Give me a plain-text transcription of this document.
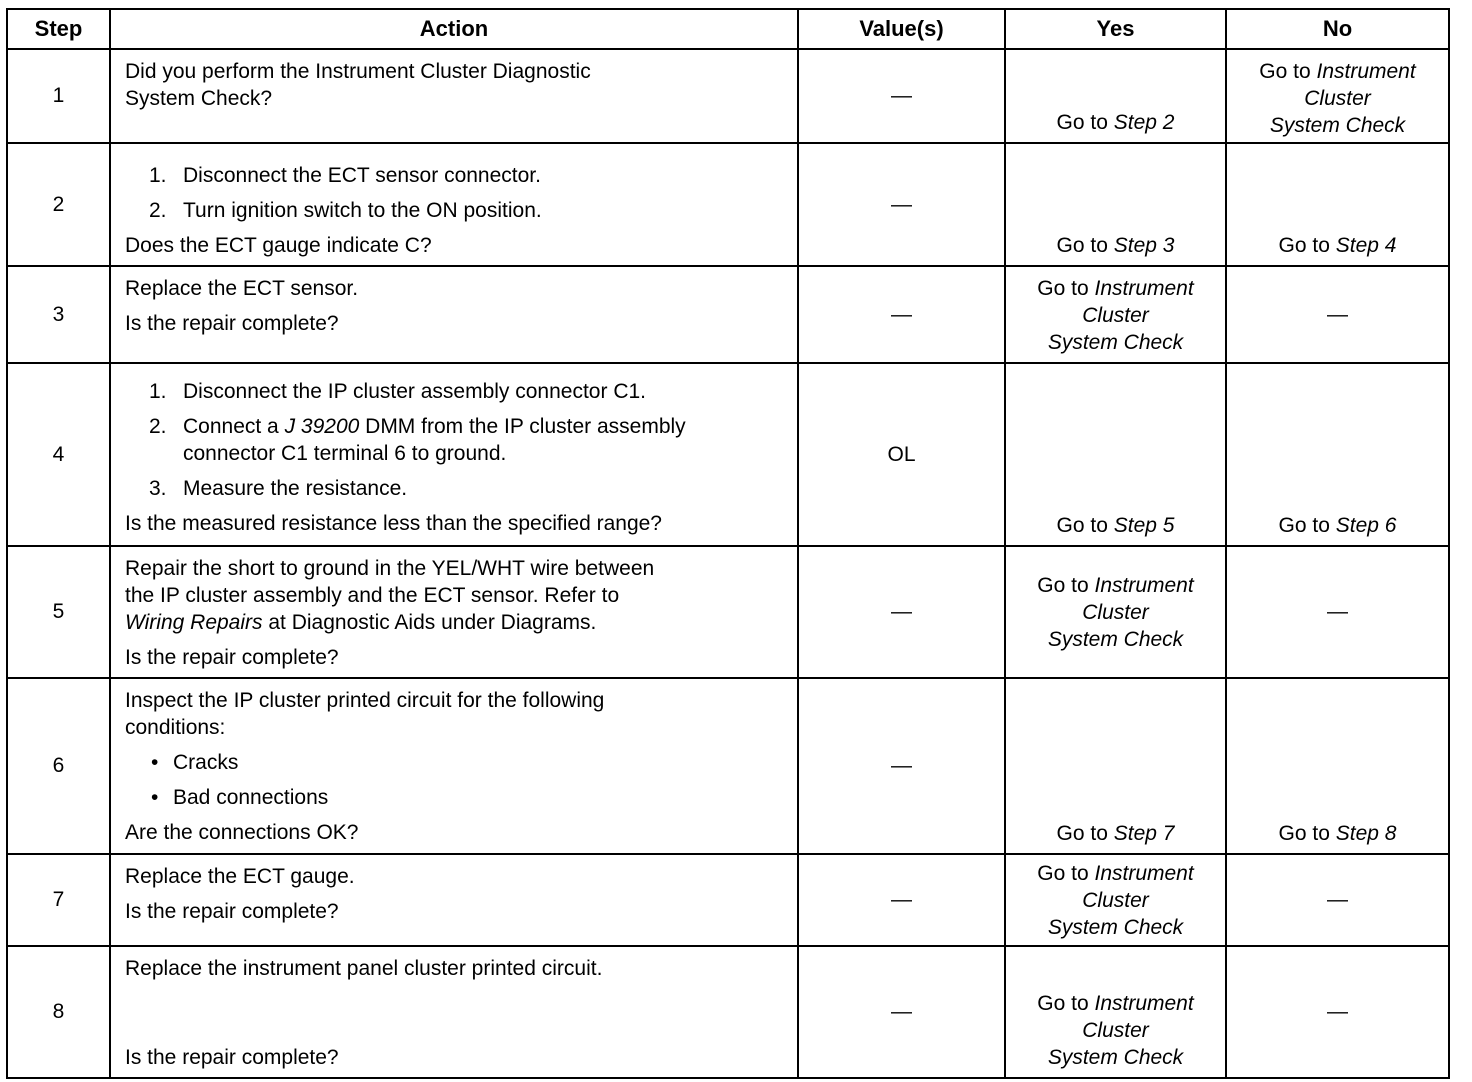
Step	Action	Value(s)	Yes	No
1	Did you perform the Instrument Cluster Diagnostic
System Check?	—	Go to Step 2	Go to Instrument
Cluster
System Check
2	1. Disconnect the ECT sensor connector.
2. Turn ignition switch to the ON position.
Does the ECT gauge indicate C?	—	Go to Step 3	Go to Step 4
3	Replace the ECT sensor.
Is the repair complete?	—	Go to Instrument
Cluster
System Check	—
4	1. Disconnect the IP cluster assembly connector C1.
2. Connect a J 39200 DMM from the IP cluster assembly connector C1 terminal 6 to ground.
3. Measure the resistance.
Is the measured resistance less than the specified range?	OL	Go to Step 5	Go to Step 6
5	Repair the short to ground in the YEL/WHT wire between
the IP cluster assembly and the ECT sensor. Refer to
Wiring Repairs at Diagnostic Aids under Diagrams.
Is the repair complete?	—	Go to Instrument
Cluster
System Check	—
6	Inspect the IP cluster printed circuit for the following
conditions:
• Cracks
• Bad connections
Are the connections OK?	—	Go to Step 7	Go to Step 8
7	Replace the ECT gauge.
Is the repair complete?	—	Go to Instrument
Cluster
System Check	—
8	Replace the instrument panel cluster printed circuit.
Is the repair complete?	—	Go to Instrument
Cluster
System Check	—
